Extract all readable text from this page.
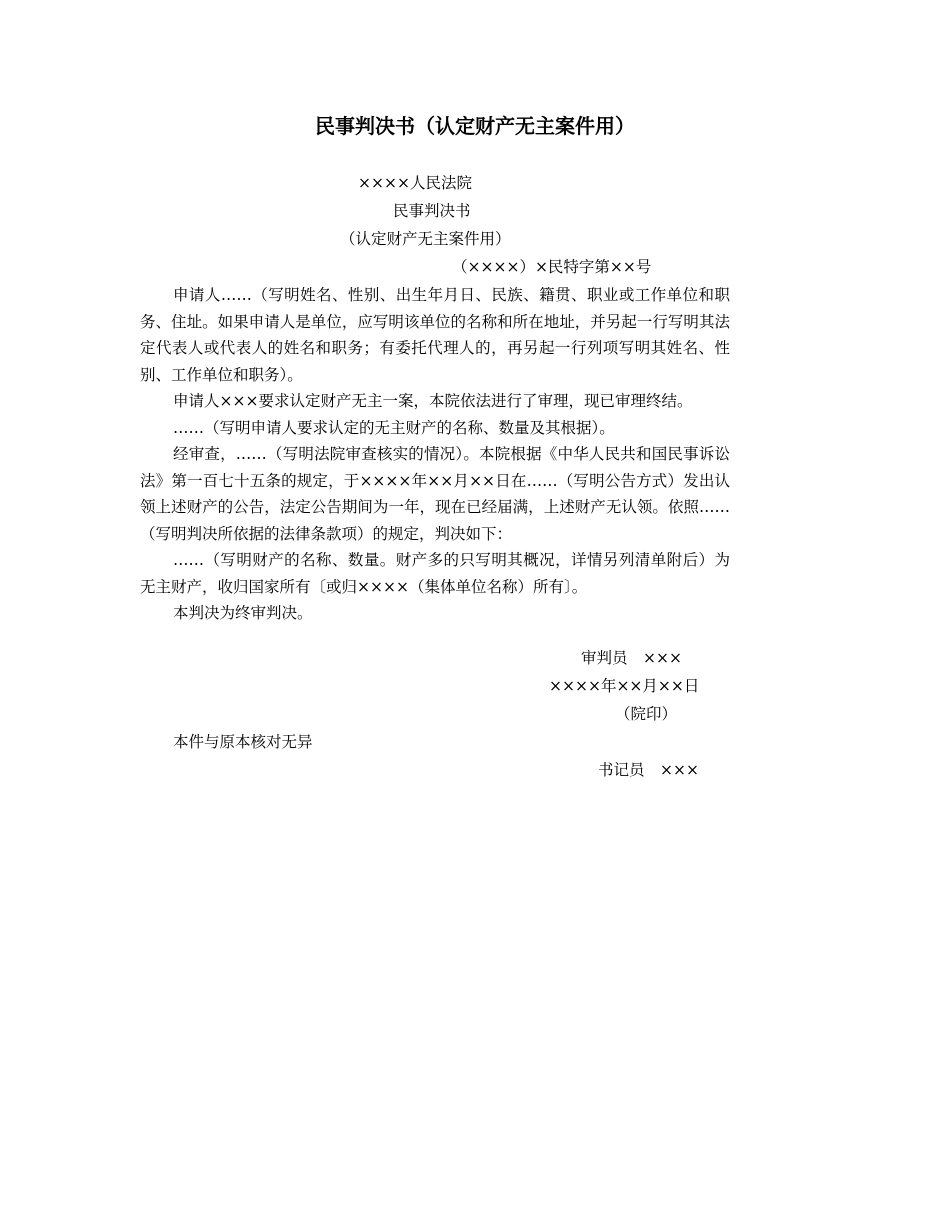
民事判决书（认定财产无主案件用）
××××人民法院
民事判决书
（认定财产无主案件用）
（××××）×民特字第××号

申请人……（写明姓名、性别、出生年月日、民族、籍贯、职业或工作单位和职务、住址。如果申请人是单位，应写明该单位的名称和所在地址，并另起一行写明其法定代表人或代表人的姓名和职务；有委托代理人的，再另起一行列项写明其姓名、性别、工作单位和职务）。

申请人×××要求认定财产无主一案，本院依法进行了审理，现已审理终结。

……（写明申请人要求认定的无主财产的名称、数量及其根据）。

经审查，……（写明法院审查核实的情况）。本院根据《中华人民共和国民事诉讼法》第一百七十五条的规定，于××××年××月××日在……（写明公告方式）发出认领上述财产的公告，法定公告期间为一年，现在已经届满，上述财产无认领。依照……（写明判决所依据的法律条款项）的规定，判决如下：

……（写明财产的名称、数量。财产多的只写明其概况，详情另列清单附后）为无主财产，收归国家所有〔或归××××（集体单位名称）所有〕。

本判决为终审判决。

审判员　×××
××××年××月××日
（院印）
本件与原本核对无异
书记员　×××
